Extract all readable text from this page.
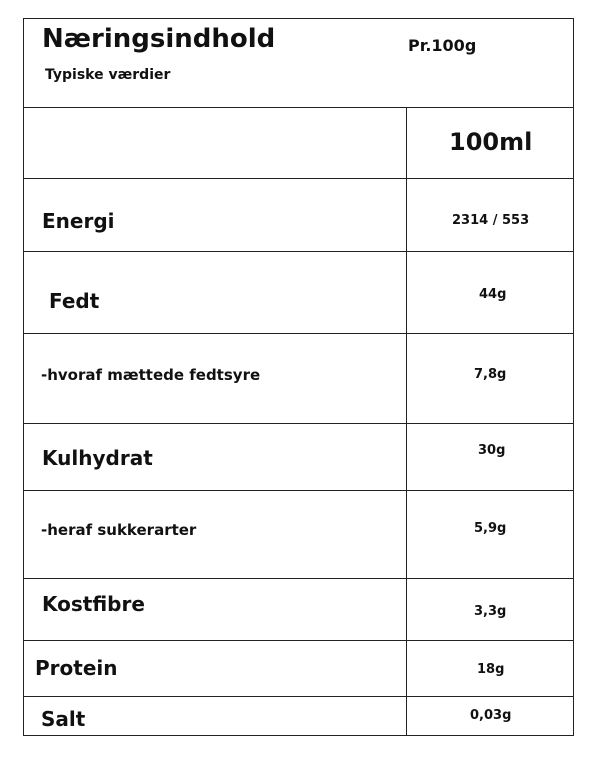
Næringsindhold	Pr.100g
Typiske værdier
100ml
Energi
Fedt
-hvoraf mættede fedtsyre
Kulhydrat
-heraf sukkerarter
Kostfibre
Protein
Salt
2314 / 553
44g
7,8g
30g
5,9g
3,3g
18g
0,03g
